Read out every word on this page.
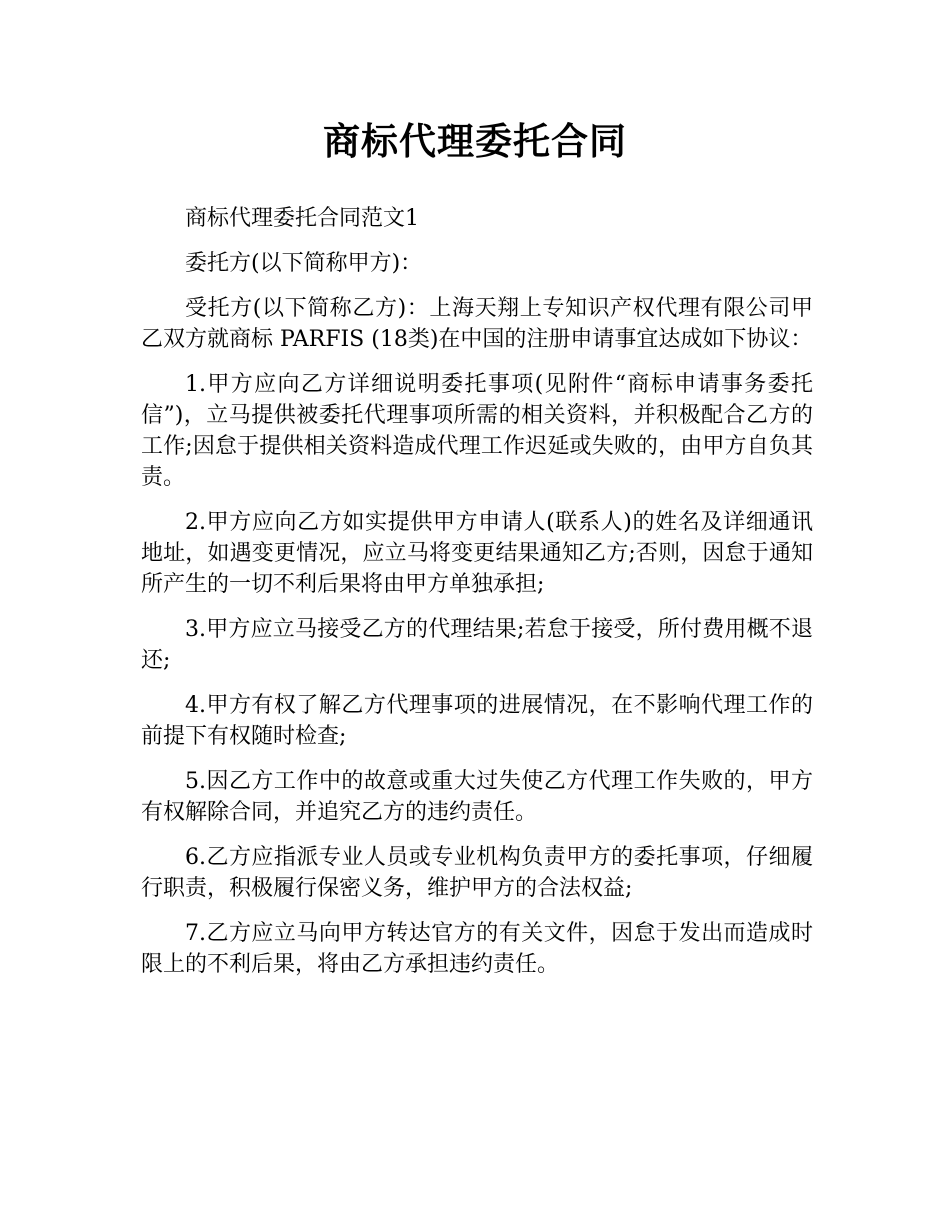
商标代理委托合同

商标代理委托合同范文1

委托方(以下简称甲方)：

受托方(以下简称乙方)：上海天翔上专知识产权代理有限公司甲乙双方就商标 PARFIS (18类)在中国的注册申请事宜达成如下协议：

1.甲方应向乙方详细说明委托事项(见附件“商标申请事务委托信”)，立马提供被委托代理事项所需的相关资料，并积极配合乙方的工作;因怠于提供相关资料造成代理工作迟延或失败的，由甲方自负其责。

2.甲方应向乙方如实提供甲方申请人(联系人)的姓名及详细通讯地址，如遇变更情况，应立马将变更结果通知乙方;否则，因怠于通知所产生的一切不利后果将由甲方单独承担;

3.甲方应立马接受乙方的代理结果;若怠于接受，所付费用概不退还;

4.甲方有权了解乙方代理事项的进展情况，在不影响代理工作的前提下有权随时检查;

5.因乙方工作中的故意或重大过失使乙方代理工作失败的，甲方有权解除合同，并追究乙方的违约责任。

6.乙方应指派专业人员或专业机构负责甲方的委托事项，仔细履行职责，积极履行保密义务，维护甲方的合法权益;

7.乙方应立马向甲方转达官方的有关文件，因怠于发出而造成时限上的不利后果，将由乙方承担违约责任。
